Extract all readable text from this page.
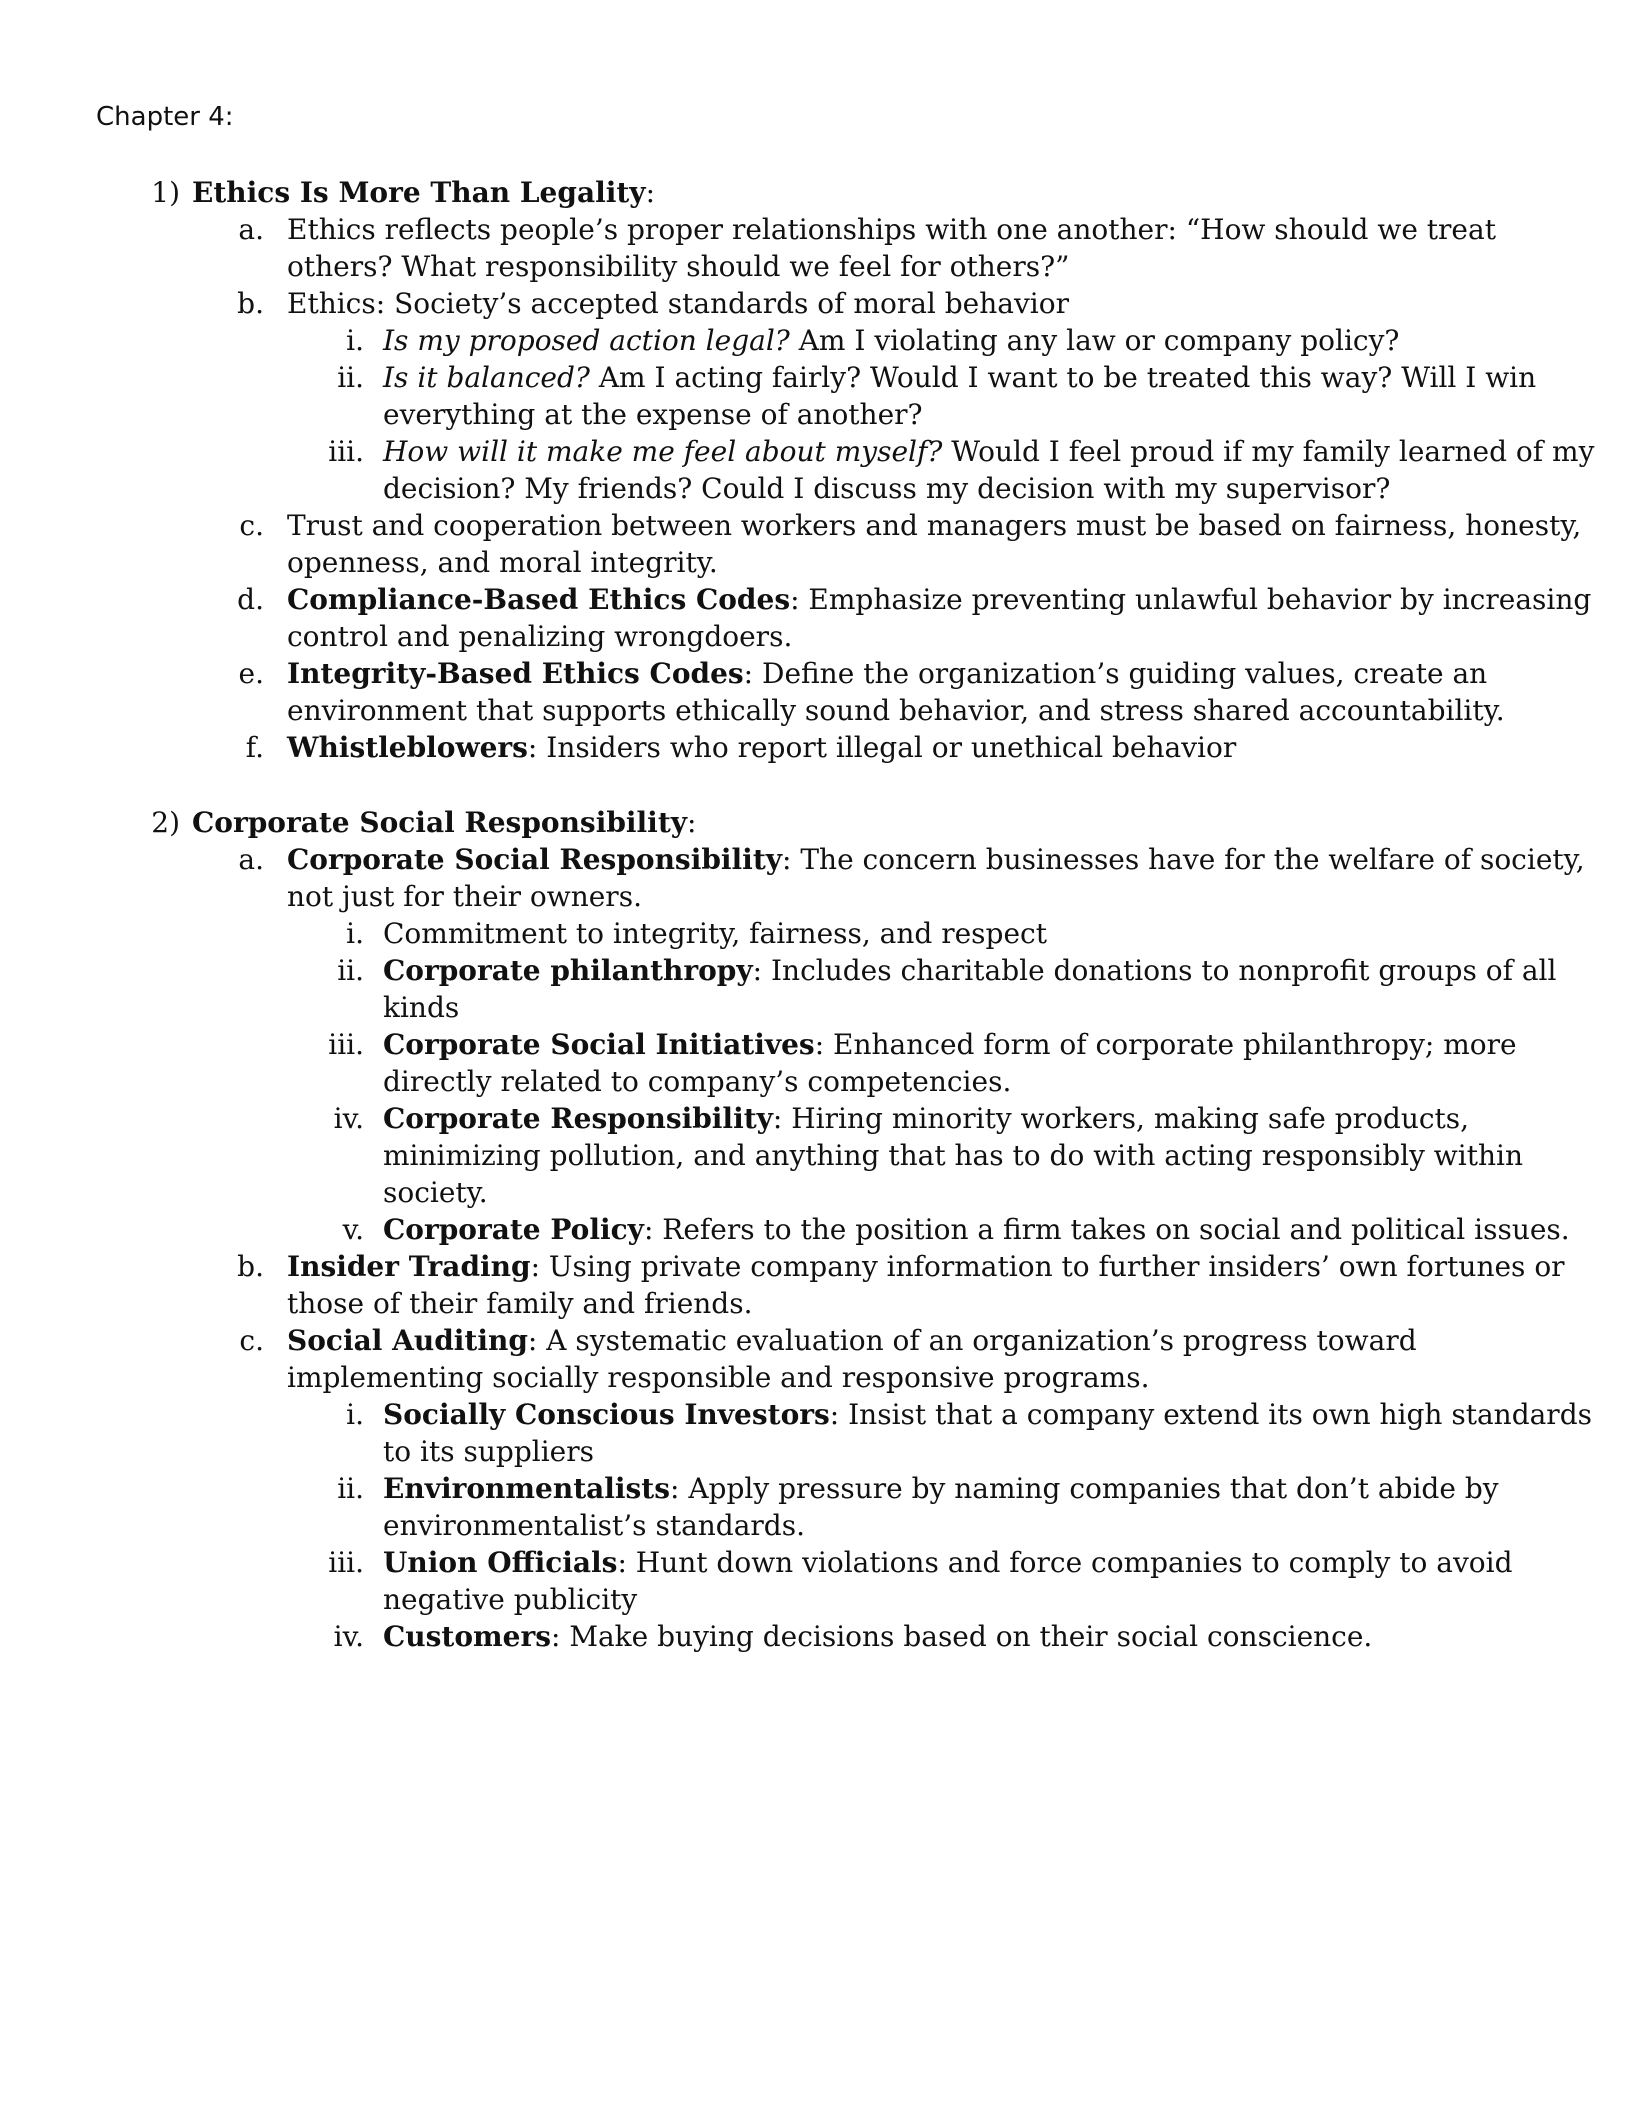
Chapter 4:
1) Ethics Is More Than Legality:
a. Ethics reflects people’s proper relationships with one another: “How should we treat
others? What responsibility should we feel for others?”
b. Ethics: Society’s accepted standards of moral behavior
i. Is my proposed action legal? Am I violating any law or company policy?
ii. Is it balanced? Am I acting fairly? Would I want to be treated this way? Will I win
everything at the expense of another?
iii. How will it make me feel about myself? Would I feel proud if my family learned of my
decision? My friends? Could I discuss my decision with my supervisor?
c. Trust and cooperation between workers and managers must be based on fairness, honesty,
openness, and moral integrity.
d. Compliance-Based Ethics Codes: Emphasize preventing unlawful behavior by increasing
control and penalizing wrongdoers.
e. Integrity-Based Ethics Codes: Define the organization’s guiding values, create an
environment that supports ethically sound behavior, and stress shared accountability.
f. Whistleblowers: Insiders who report illegal or unethical behavior
2) Corporate Social Responsibility:
a. Corporate Social Responsibility: The concern businesses have for the welfare of society,
not just for their owners.
i. Commitment to integrity, fairness, and respect
ii. Corporate philanthropy: Includes charitable donations to nonprofit groups of all
kinds
iii. Corporate Social Initiatives: Enhanced form of corporate philanthropy; more
directly related to company’s competencies.
iv. Corporate Responsibility: Hiring minority workers, making safe products,
minimizing pollution, and anything that has to do with acting responsibly within
society.
v. Corporate Policy: Refers to the position a firm takes on social and political issues.
b. Insider Trading: Using private company information to further insiders’ own fortunes or
those of their family and friends.
c. Social Auditing: A systematic evaluation of an organization’s progress toward
implementing socially responsible and responsive programs.
i. Socially Conscious Investors: Insist that a company extend its own high standards
to its suppliers
ii. Environmentalists: Apply pressure by naming companies that don’t abide by
environmentalist’s standards.
iii. Union Officials: Hunt down violations and force companies to comply to avoid
negative publicity
iv. Customers: Make buying decisions based on their social conscience.
